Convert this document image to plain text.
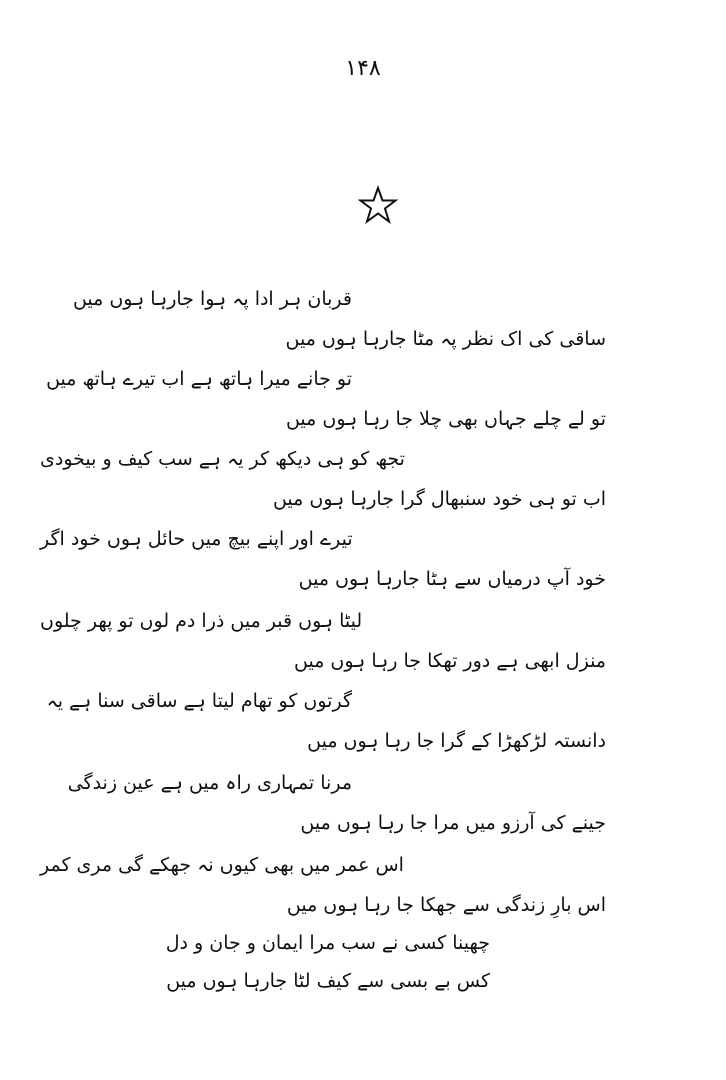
۱۴۸
قربان ہر ادا پہ ہوا جارہا ہوں میں
ساقی کی اک نظر پہ مٹا جارہا ہوں میں
تو جانے میرا ہاتھ ہے اب تیرے ہاتھ میں
تو لے چلے جہاں بھی چلا جا رہا ہوں میں
تجھ کو ہی دیکھ کر یہ ہے سب کیف و بیخودی
اب تو ہی خود سنبھال گرا جارہا ہوں میں
تیرے اور اپنے بیچ میں حائل ہوں خود اگر
خود آپ درمیاں سے ہٹا جارہا ہوں میں
لیٹا ہوں قبر میں ذرا دم لوں تو پھر چلوں
منزل ابھی ہے دور تھکا جا رہا ہوں میں
گرتوں کو تھام لیتا ہے ساقی سنا ہے یہ
دانستہ لڑکھڑا کے گرا جا رہا ہوں میں
مرنا تمہاری راہ میں ہے عین زندگی
جینے کی آرزو میں مرا جا رہا ہوں میں
اس عمر میں بھی کیوں نہ جھکے گی مری کمر
اس بارِ زندگی سے جھکا جا رہا ہوں میں
چھینا کسی نے سب مرا ایمان و جان و دل
کس بے بسی سے کیف لٹا جارہا ہوں میں
